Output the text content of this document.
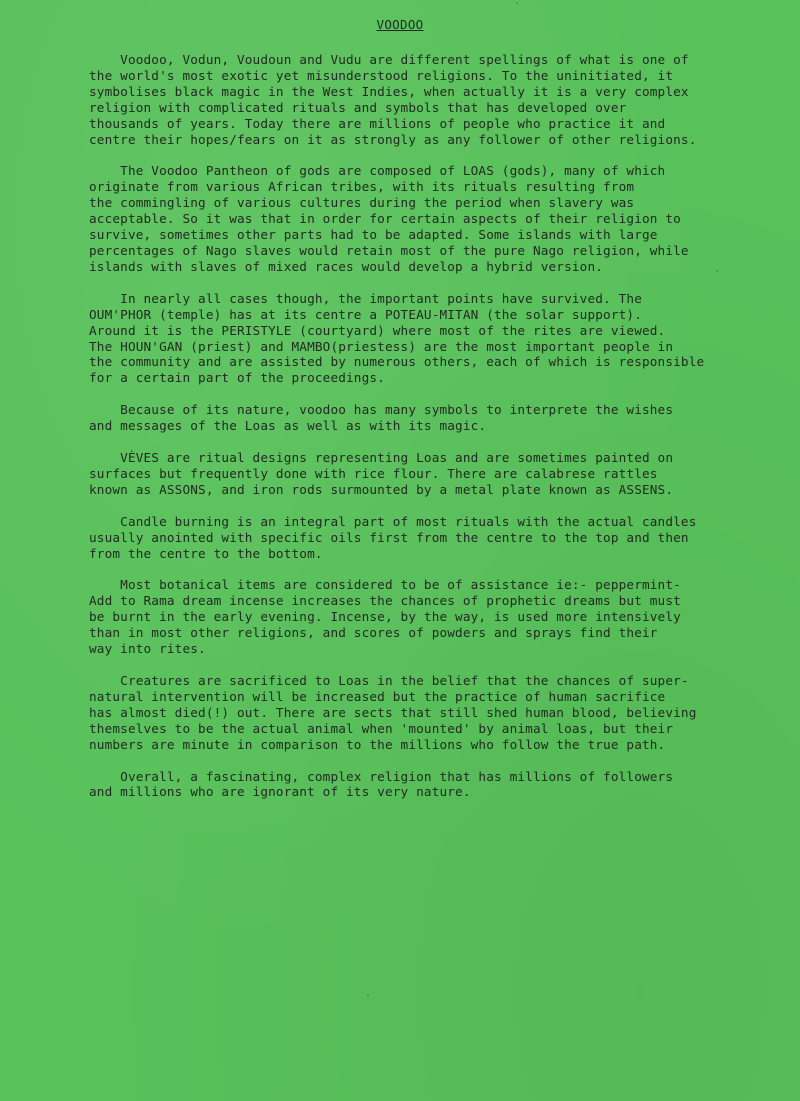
VOODOO

Voodoo, Vodun, Voudoun and Vudu are different spellings of what is one of
the world's most exotic yet misunderstood religions. To the uninitiated, it
symbolises black magic in the West Indies, when actually it is a very complex
religion with complicated rituals and symbols that has developed over
thousands of years. Today there are millions of people who practice it and
centre their hopes/fears on it as strongly as any follower of other religions.

The Voodoo Pantheon of gods are composed of LOAS (gods), many of which
originate from various African tribes, with its rituals resulting from
the commingling of various cultures during the period when slavery was
acceptable. So it was that in order for certain aspects of their religion to
survive, sometimes other parts had to be adapted. Some islands with large
percentages of Nago slaves would retain most of the pure Nago religion, while
islands with slaves of mixed races would develop a hybrid version.

In nearly all cases though, the important points have survived. The
OUM'PHOR (temple) has at its centre a POTEAU-MITAN (the solar support).
Around it is the PERISTYLE (courtyard) where most of the rites are viewed.
The HOUN'GAN (priest) and MAMBO(priestess) are the most important people in
the community and are assisted by numerous others, each of which is responsible
for a certain part of the proceedings.

Because of its nature, voodoo has many symbols to interprete the wishes
and messages of the Loas as well as with its magic.

VÈVES are ritual designs representing Loas and are sometimes painted on
surfaces but frequently done with rice flour. There are calabrese rattles
known as ASSONS, and iron rods surmounted by a metal plate known as ASSENS.

Candle burning is an integral part of most rituals with the actual candles
usually anointed with specific oils first from the centre to the top and then
from the centre to the bottom.

Most botanical items are considered to be of assistance ie:- peppermint-
Add to Rama dream incense increases the chances of prophetic dreams but must
be burnt in the early evening. Incense, by the way, is used more intensively
than in most other religions, and scores of powders and sprays find their
way into rites.

Creatures are sacrificed to Loas in the belief that the chances of super-
natural intervention will be increased but the practice of human sacrifice
has almost died(!) out. There are sects that still shed human blood, believing
themselves to be the actual animal when 'mounted' by animal loas, but their
numbers are minute in comparison to the millions who follow the true path.

Overall, a fascinating, complex religion that has millions of followers
and millions who are ignorant of its very nature.
